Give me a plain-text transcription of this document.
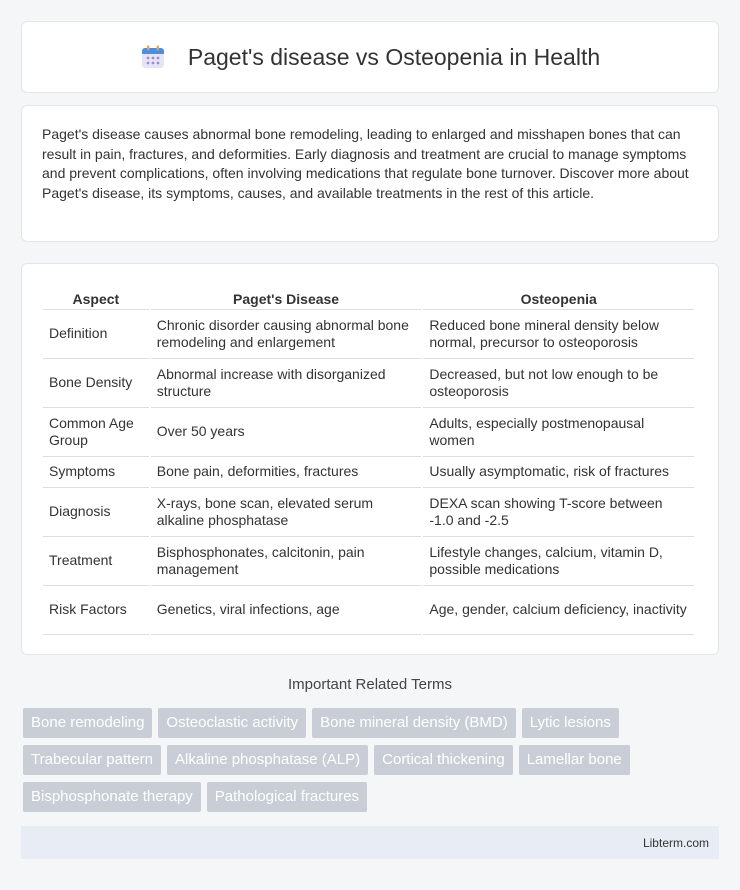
Paget's disease vs Osteopenia in Health

Paget's disease causes abnormal bone remodeling, leading to enlarged and misshapen bones that can result in pain, fractures, and deformities. Early diagnosis and treatment are crucial to manage symptoms and prevent complications, often involving medications that regulate bone turnover. Discover more about Paget's disease, its symptoms, causes, and available treatments in the rest of this article.

Aspect	Paget's Disease	Osteopenia
Definition	Chronic disorder causing abnormal bone remodeling and enlargement	Reduced bone mineral density below normal, precursor to osteoporosis
Bone Density	Abnormal increase with disorganized structure	Decreased, but not low enough to be osteoporosis
Common Age Group	Over 50 years	Adults, especially postmenopausal women
Symptoms	Bone pain, deformities, fractures	Usually asymptomatic, risk of fractures
Diagnosis	X-rays, bone scan, elevated serum alkaline phosphatase	DEXA scan showing T-score between -1.0 and -2.5
Treatment	Bisphosphonates, calcitonin, pain management	Lifestyle changes, calcium, vitamin D, possible medications
Risk Factors	Genetics, viral infections, age	Age, gender, calcium deficiency, inactivity
Important Related Terms
Bone remodeling	Osteoclastic activity	Bone mineral density (BMD)	Lytic lesions
Trabecular pattern	Alkaline phosphatase (ALP)	Cortical thickening	Lamellar bone
Bisphosphonate therapy	Pathological fractures
Libterm.com
